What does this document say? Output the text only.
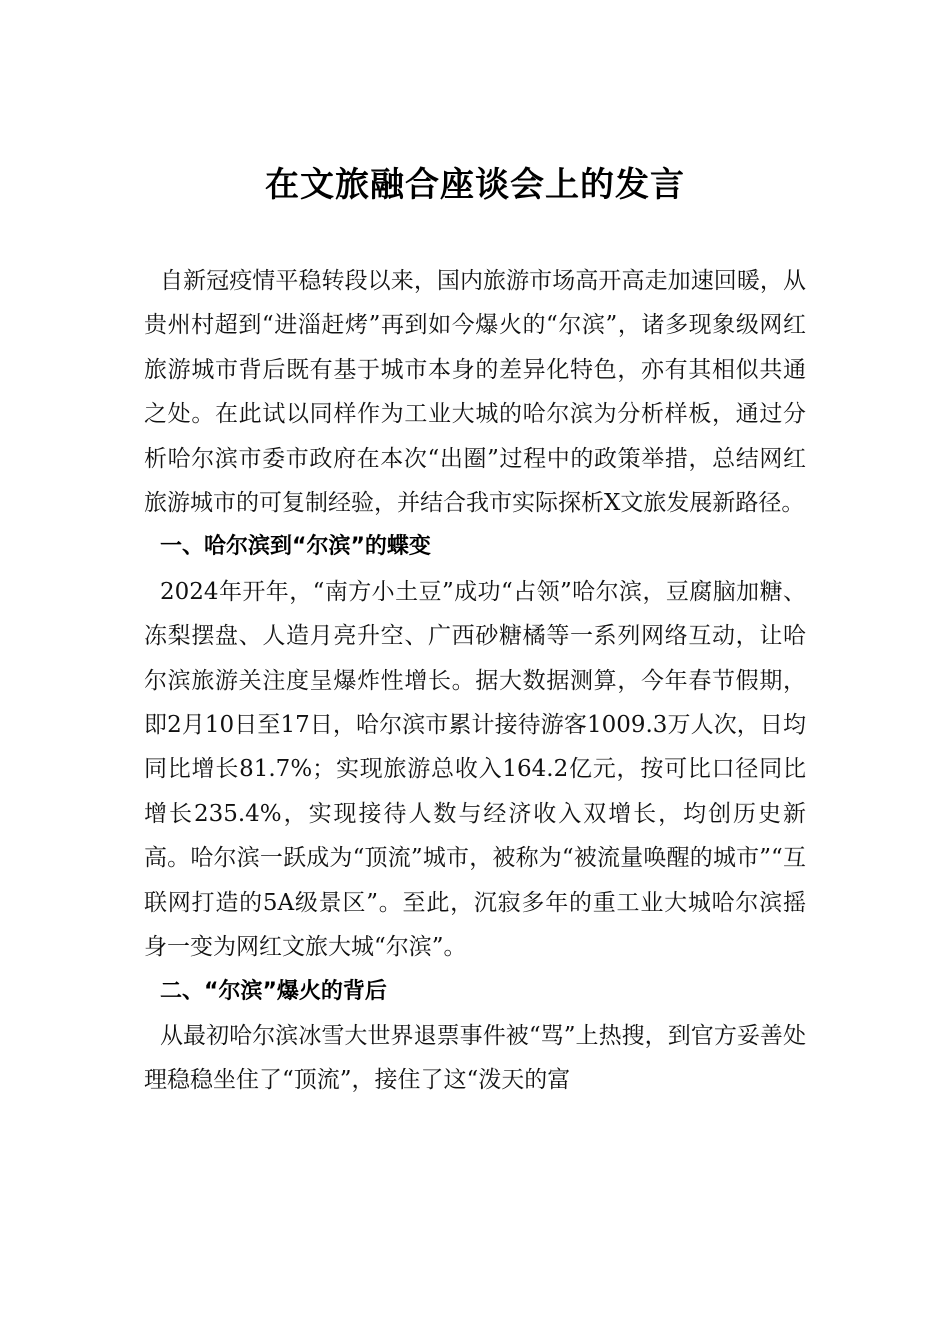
在文旅融合座谈会上的发言

自新冠疫情平稳转段以来，国内旅游市场高开高走加速回暖，从贵州村超到“进淄赶烤”再到如今爆火的“尔滨”，诸多现象级网红旅游城市背后既有基于城市本身的差异化特色，亦有其相似共通之处。在此试以同样作为工业大城的哈尔滨为分析样板，通过分析哈尔滨市委市政府在本次“出圈”过程中的政策举措，总结网红旅游城市的可复制经验，并结合我市实际探析X文旅发展新路径。

一、哈尔滨到“尔滨”的蝶变

2024年开年，“南方小土豆”成功“占领”哈尔滨，豆腐脑加糖、冻梨摆盘、人造月亮升空、广西砂糖橘等一系列网络互动，让哈尔滨旅游关注度呈爆炸性增长。据大数据测算，今年春节假期，即2月10日至17日，哈尔滨市累计接待游客1009.3万人次，日均同比增长81.7%；实现旅游总收入164.2亿元，按可比口径同比增长235.4%，实现接待人数与经济收入双增长，均创历史新高。哈尔滨一跃成为“顶流”城市，被称为“被流量唤醒的城市”“互联网打造的5A级景区”。至此，沉寂多年的重工业大城哈尔滨摇身一变为网红文旅大城“尔滨”。

二、“尔滨”爆火的背后

从最初哈尔滨冰雪大世界退票事件被“骂”上热搜，到官方妥善处理稳稳坐住了“顶流”，接住了这“泼天的富
